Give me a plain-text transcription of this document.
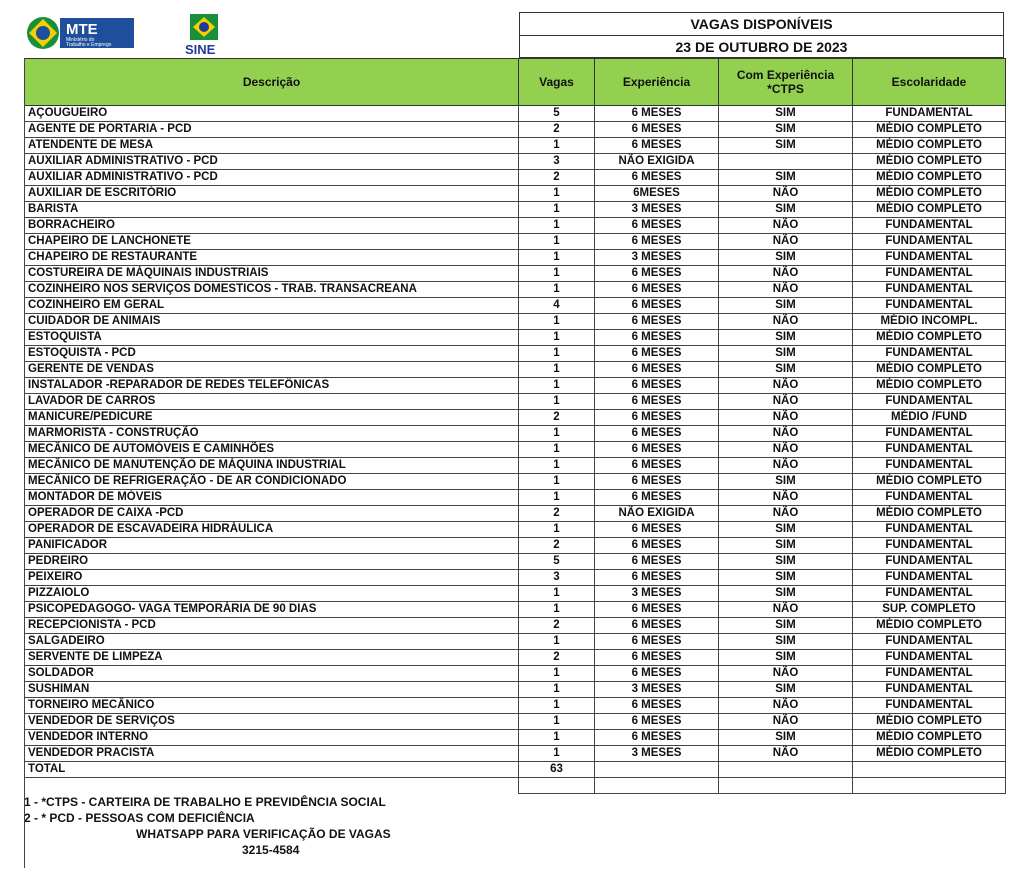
MTE
Ministério do
Trabalho e Emprego	SINE
VAGAS DISPONÍVEIS
23 DE OUTUBRO DE 2023
Descrição	Vagas	Experiência	Com Experiência *CTPS	Escolaridade
AÇOUGUEIRO	5	6 MESES	SIM	FUNDAMENTAL
AGENTE DE PORTARIA - PCD	2	6 MESES	SIM	MÉDIO COMPLETO
ATENDENTE DE MESA	1	6 MESES	SIM	MÉDIO COMPLETO
AUXILIAR ADMINISTRATIVO - PCD	3	NÃO EXIGIDA		MÉDIO COMPLETO
AUXILIAR ADMINISTRATIVO - PCD	2	6 MESES	SIM	MÉDIO COMPLETO
AUXILIAR DE ESCRITÓRIO	1	6MESES	NÃO	MÉDIO COMPLETO
BARISTA	1	3 MESES	SIM	MÉDIO COMPLETO
BORRACHEIRO	1	6 MESES	NÃO	FUNDAMENTAL
CHAPEIRO DE LANCHONETE	1	6 MESES	NÃO	FUNDAMENTAL
CHAPEIRO DE RESTAURANTE	1	3 MESES	SIM	FUNDAMENTAL
COSTUREIRA DE MÁQUINAIS INDUSTRIAIS	1	6 MESES	NÃO	FUNDAMENTAL
COZINHEIRO NOS SERVIÇOS DOMESTICOS - TRAB. TRANSACREANA	1	6 MESES	NÃO	FUNDAMENTAL
COZINHEIRO EM GERAL	4	6 MESES	SIM	FUNDAMENTAL
CUIDADOR DE ANIMAIS	1	6 MESES	NÃO	MÉDIO INCOMPL.
ESTOQUISTA	1	6 MESES	SIM	MÉDIO COMPLETO
ESTOQUISTA - PCD	1	6 MESES	SIM	FUNDAMENTAL
GERENTE DE VENDAS	1	6 MESES	SIM	MÉDIO COMPLETO
INSTALADOR -REPARADOR DE REDES TELEFÔNICAS	1	6 MESES	NÃO	MÉDIO COMPLETO
LAVADOR DE CARROS	1	6 MESES	NÃO	FUNDAMENTAL
MANICURE/PEDICURE	2	6 MESES	NÃO	MÉDIO /FUND
MARMORISTA - CONSTRUÇÃO	1	6 MESES	NÃO	FUNDAMENTAL
MECÂNICO DE AUTOMÓVEIS E CAMINHÕES	1	6 MESES	NÃO	FUNDAMENTAL
MECÂNICO DE MANUTENÇÃO DE MÁQUINA INDUSTRIAL	1	6 MESES	NÃO	FUNDAMENTAL
MECÂNICO DE REFRIGERAÇÃO - DE AR CONDICIONADO	1	6 MESES	SIM	MÉDIO COMPLETO
MONTADOR DE MÓVEIS	1	6 MESES	NÃO	FUNDAMENTAL
OPERADOR DE CAIXA -PCD	2	NÃO EXIGIDA	NÃO	MÉDIO COMPLETO
OPERADOR DE ESCAVADEIRA HIDRÁULICA	1	6 MESES	SIM	FUNDAMENTAL
PANIFICADOR	2	6 MESES	SIM	FUNDAMENTAL
PEDREIRO	5	6 MESES	SIM	FUNDAMENTAL
PEIXEIRO	3	6 MESES	SIM	FUNDAMENTAL
PIZZAIOLO	1	3 MESES	SIM	FUNDAMENTAL
PSICOPEDAGOGO- VAGA TEMPORÁRIA DE 90 DIAS	1	6 MESES	NÃO	SUP. COMPLETO
RECEPCIONISTA - PCD	2	6 MESES	SIM	MÉDIO COMPLETO
SALGADEIRO	1	6 MESES	SIM	FUNDAMENTAL
SERVENTE DE LIMPEZA	2	6 MESES	SIM	FUNDAMENTAL
SOLDADOR	1	6 MESES	NÃO	FUNDAMENTAL
SUSHIMAN	1	3 MESES	SIM	FUNDAMENTAL
TORNEIRO MECÂNICO	1	6 MESES	NÃO	FUNDAMENTAL
VENDEDOR DE SERVIÇOS	1	6 MESES	NÃO	MÉDIO COMPLETO
VENDEDOR INTERNO	1	6 MESES	SIM	MÉDIO COMPLETO
VENDEDOR PRACISTA	1	3 MESES	NÃO	MÉDIO COMPLETO
TOTAL	63			

1 - *CTPS - CARTEIRA DE TRABALHO E PREVIDÊNCIA SOCIAL
2 - * PCD - PESSOAS COM DEFICIÊNCIA
WHATSAPP PARA VERIFICAÇÃO DE VAGAS
3215-4584
